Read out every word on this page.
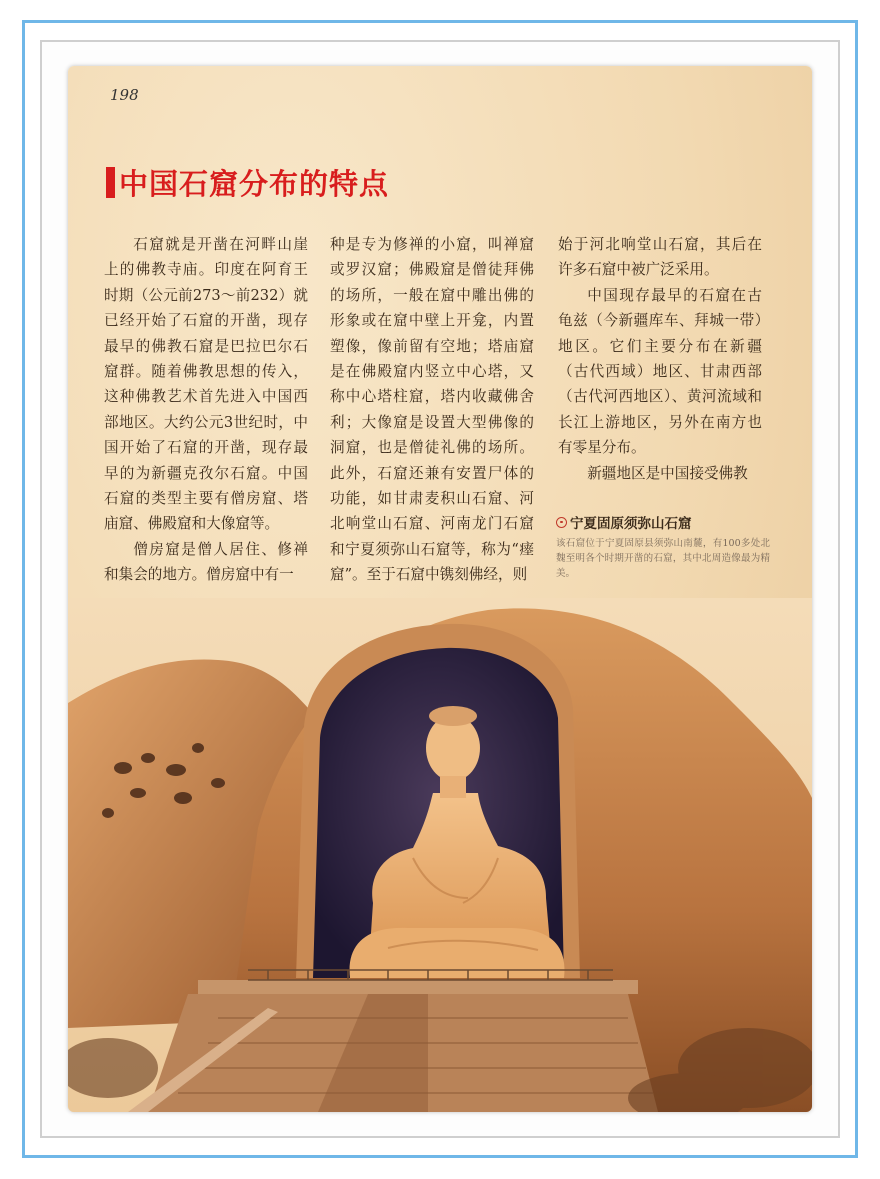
198
中国石窟分布的特点

石窟就是开凿在河畔山崖上的佛教寺庙。印度在阿育王时期（公元前273～前232）就已经开始了石窟的开凿，现存最早的佛教石窟是巴拉巴尔石窟群。随着佛教思想的传入，这种佛教艺术首先进入中国西部地区。大约公元3世纪时，中国开始了石窟的开凿，现存最早的为新疆克孜尔石窟。中国石窟的类型主要有僧房窟、塔庙窟、佛殿窟和大像窟等。

僧房窟是僧人居住、修禅和集会的地方。僧房窟中有一

种是专为修禅的小窟，叫禅窟或罗汉窟；佛殿窟是僧徒拜佛的场所，一般在窟中雕出佛的形象或在窟中壁上开龛，内置塑像，像前留有空地；塔庙窟是在佛殿窟内竖立中心塔，又称中心塔柱窟，塔内收藏佛舍利；大像窟是设置大型佛像的洞窟，也是僧徒礼佛的场所。此外，石窟还兼有安置尸体的功能，如甘肃麦积山石窟、河北响堂山石窟、河南龙门石窟和宁夏须弥山石窟等，称为“瘗窟”。至于石窟中镌刻佛经，则

始于河北响堂山石窟，其后在许多石窟中被广泛采用。

中国现存最早的石窟在古龟兹（今新疆库车、拜城一带）地区。它们主要分布在新疆（古代西域）地区、甘肃西部（古代河西地区）、黄河流域和长江上游地区，另外在南方也有零星分布。

新疆地区是中国接受佛教

宁夏固原须弥山石窟
该石窟位于宁夏固原县须弥山南麓，有100多处北魏至明各个时期开凿的石窟，其中北周造像最为精美。
